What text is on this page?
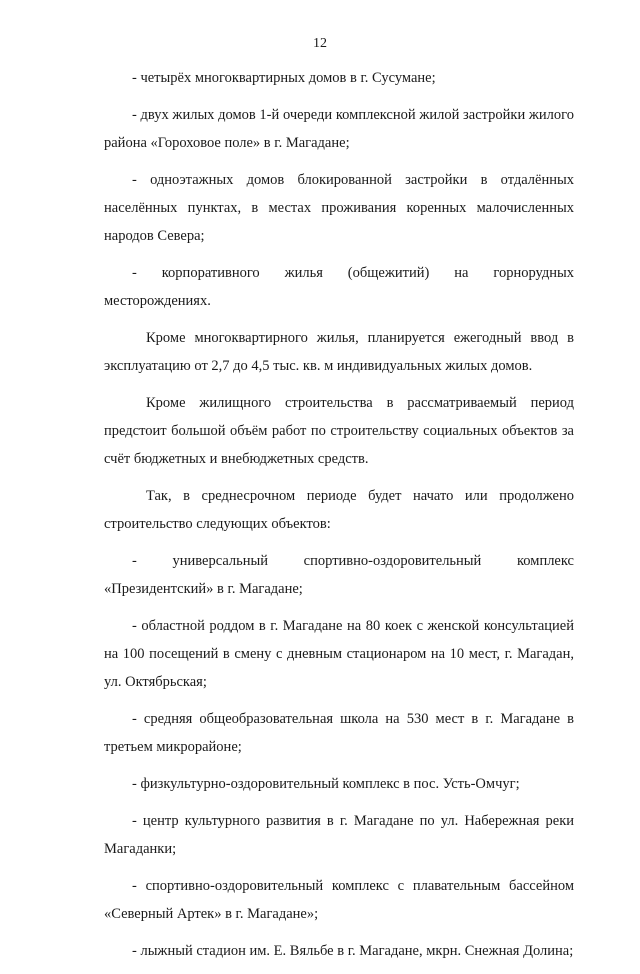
12

- четырёх многоквартирных домов в г. Сусумане;

- двух жилых домов 1-й очереди комплексной жилой застройки жилого района «Гороховое поле» в г. Магадане;

- одноэтажных домов блокированной застройки в отдалённых населённых пунктах, в местах проживания коренных малочисленных народов Севера;

- корпоративного жилья (общежитий) на горнорудных месторождениях.

Кроме многоквартирного жилья, планируется ежегодный ввод в эксплуатацию от 2,7 до 4,5 тыс. кв. м индивидуальных жилых домов.

Кроме жилищного строительства в рассматриваемый период предстоит большой объём работ по строительству социальных объектов за счёт бюджетных и внебюджетных средств.

Так, в среднесрочном периоде будет начато или продолжено строительство следующих объектов:

- универсальный спортивно-оздоровительный комплекс «Президентский» в г. Магадане;

- областной роддом в г. Магадане на 80 коек с женской консультацией на 100 посещений в смену с дневным стационаром на 10 мест, г. Магадан, ул. Октябрьская;

- средняя общеобразовательная школа на 530 мест в г. Магадане в третьем микрорайоне;

- физкультурно-оздоровительный комплекс в пос. Усть-Омчуг;

- центр культурного развития в г. Магадане по ул. Набережная реки Магаданки;

- спортивно-оздоровительный комплекс с плавательным бассейном «Северный Артек» в г. Магадане»;

- лыжный стадион им. Е. Вяльбе в г. Магадане, мкрн. Снежная Долина;
